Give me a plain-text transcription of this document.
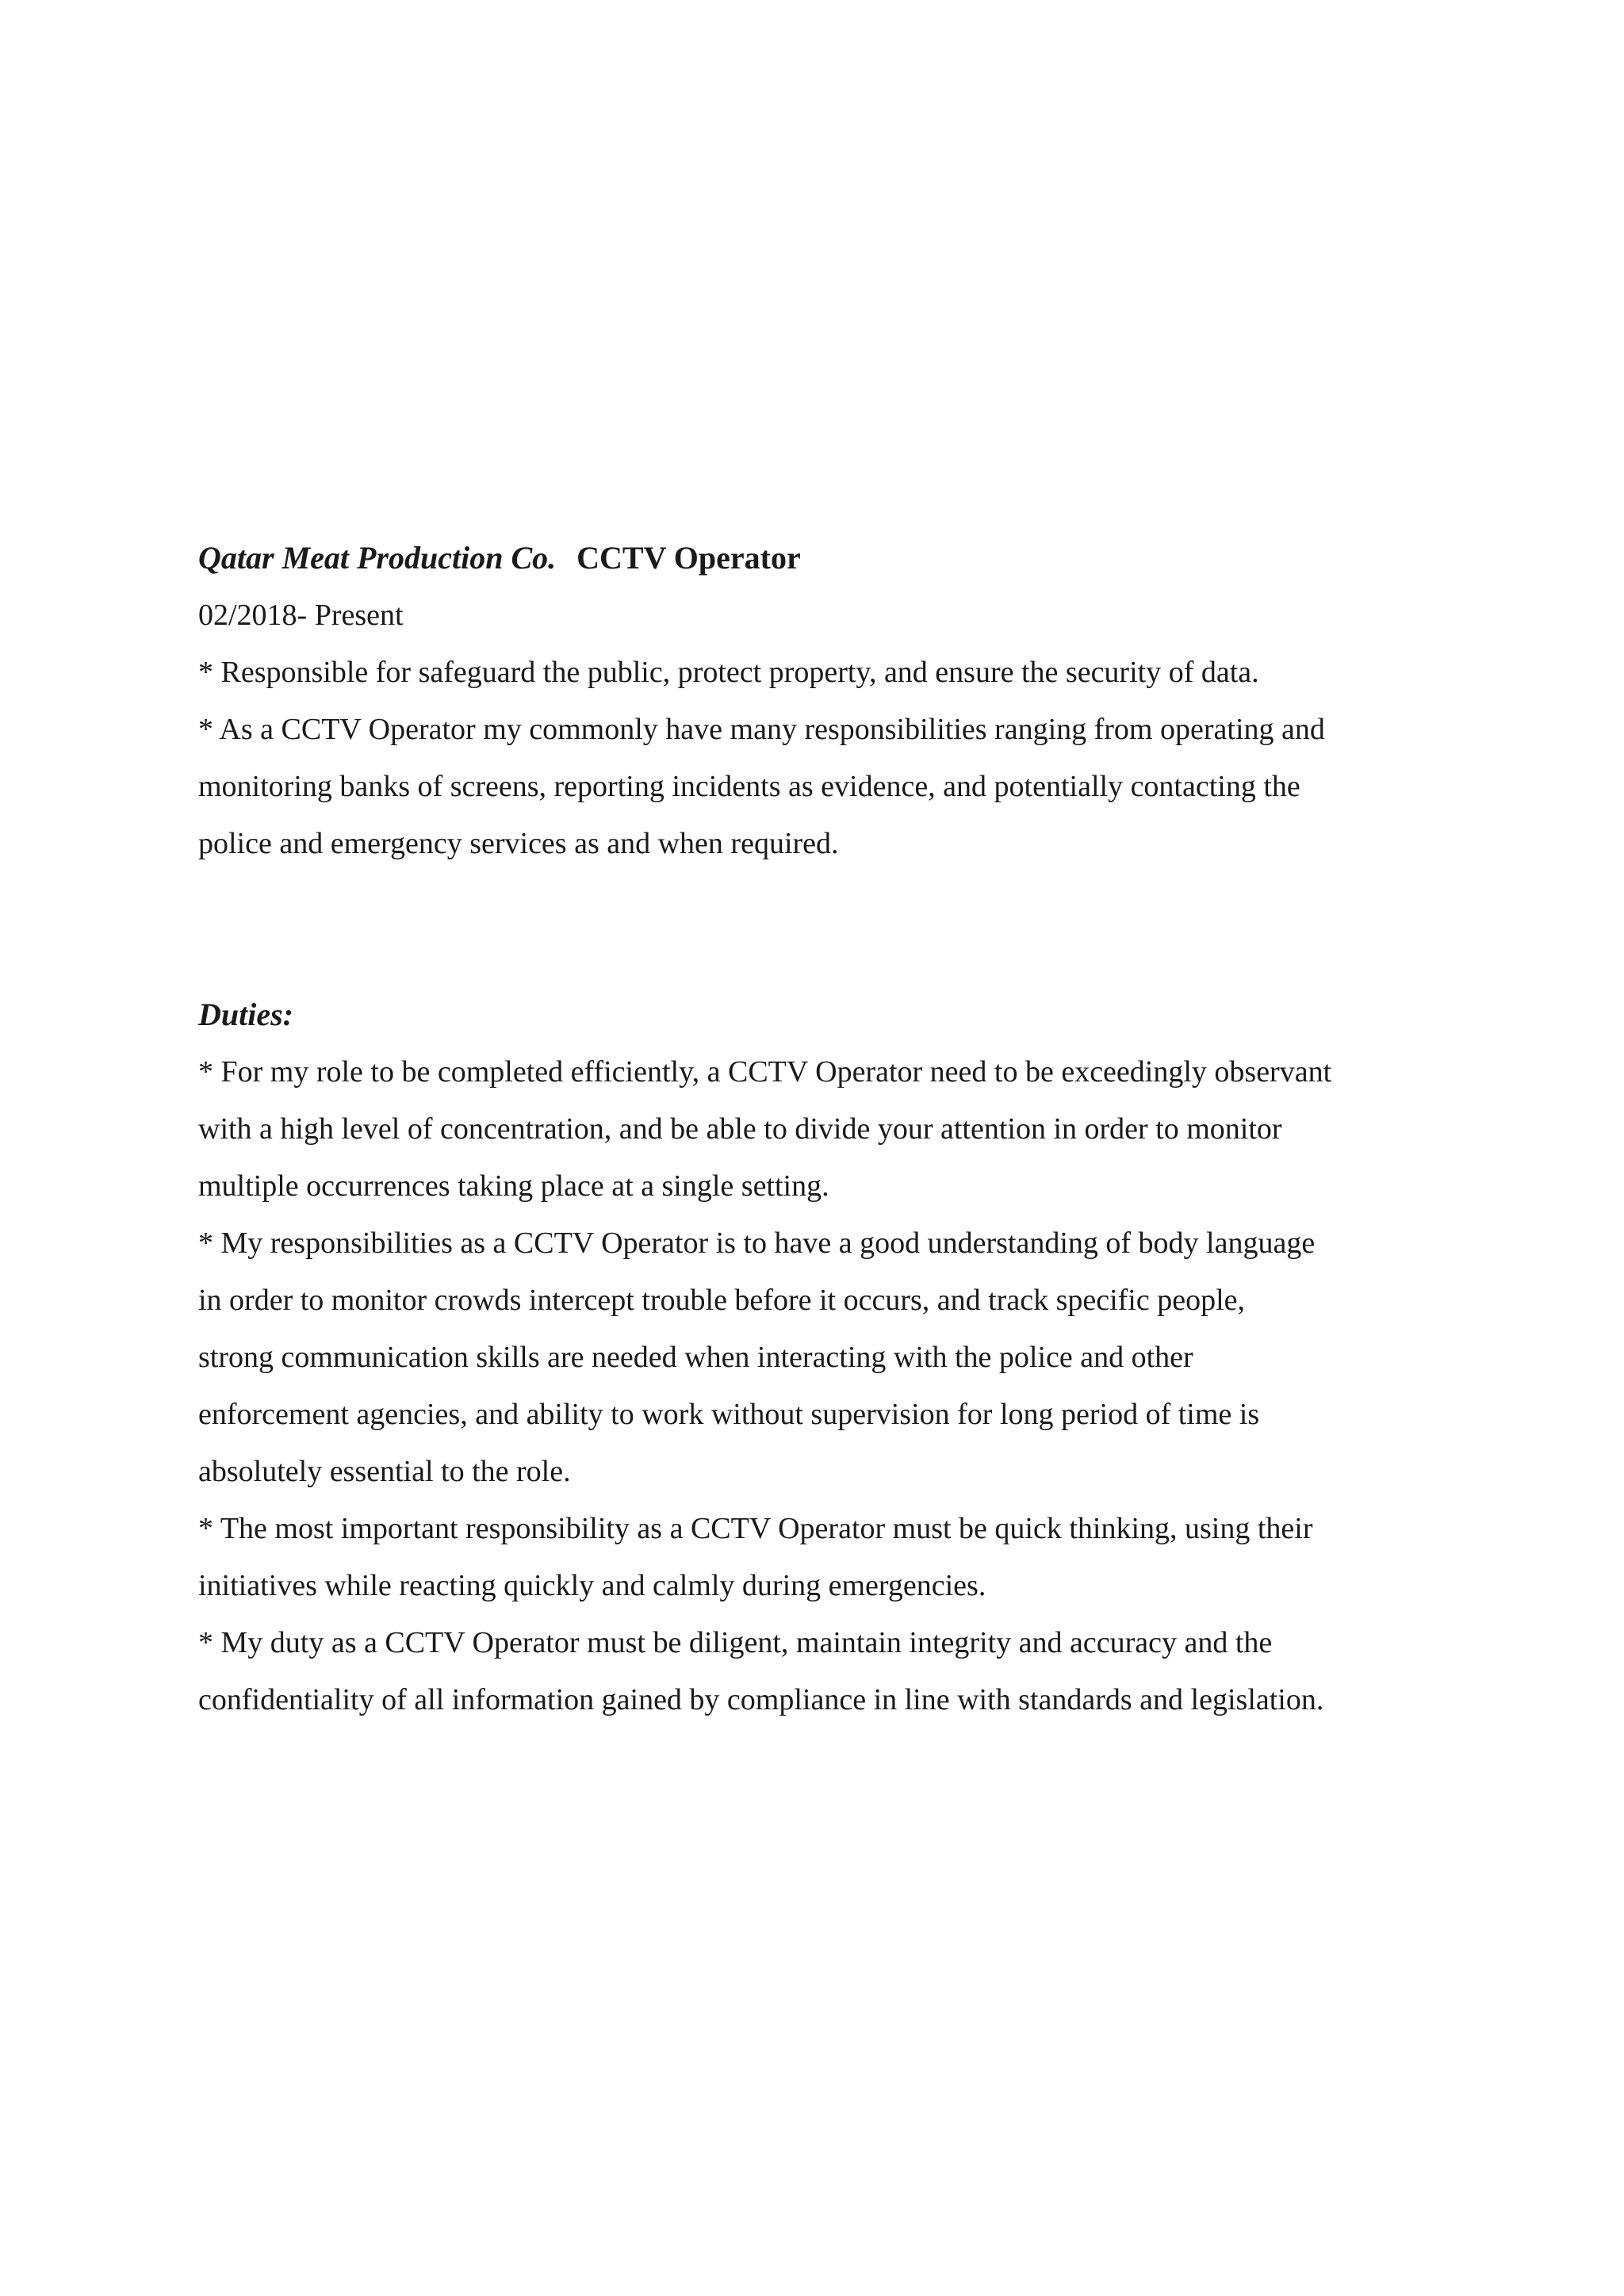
Qatar Meat Production Co. CCTV Operator

02/2018- Present

* Responsible for safeguard the public, protect property, and ensure the security of data.

* As a CCTV Operator my commonly have many responsibilities ranging from operating and

monitoring banks of screens, reporting incidents as evidence, and potentially contacting the

police and emergency services as and when required.

Duties:

* For my role to be completed efficiently, a CCTV Operator need to be exceedingly observant

with a high level of concentration, and be able to divide your attention in order to monitor

multiple occurrences taking place at a single setting.

* My responsibilities as a CCTV Operator is to have a good understanding of body language

in order to monitor crowds intercept trouble before it occurs, and track specific people,

strong communication skills are needed when interacting with the police and other

enforcement agencies, and ability to work without supervision for long period of time is

absolutely essential to the role.

* The most important responsibility as a CCTV Operator must be quick thinking, using their

initiatives while reacting quickly and calmly during emergencies.

* My duty as a CCTV Operator must be diligent, maintain integrity and accuracy and the

confidentiality of all information gained by compliance in line with standards and legislation.
